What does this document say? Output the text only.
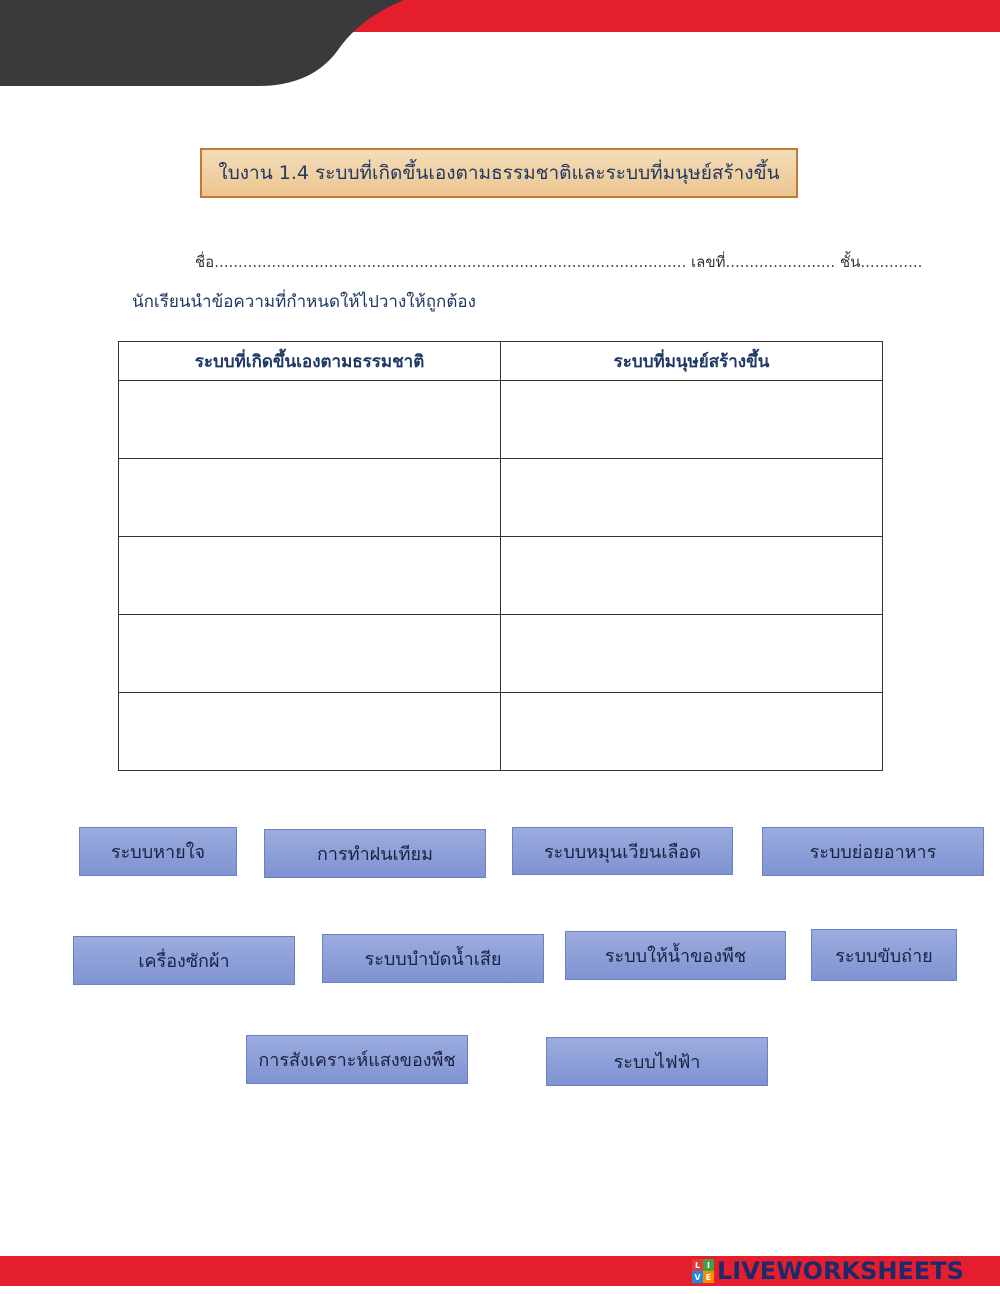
ใบงาน 1.4 ระบบที่เกิดขึ้นเองตามธรรมชาติและระบบที่มนุษย์สร้างขึ้น
ชื่อ................................................................................................... เลขที่....................... ชั้น.............
นักเรียนนำข้อความที่กำหนดให้ไปวางให้ถูกต้อง
ระบบที่เกิดขึ้นเองตามธรรมชาติ	ระบบที่มนุษย์สร้างขึ้น

ระบบหายใจ	การทำฝนเทียม	ระบบหมุนเวียนเลือด	ระบบย่อยอาหาร
เครื่องซักผ้า	ระบบบำบัดน้ำเสีย	ระบบให้น้ำของพืช	ระบบขับถ่าย
การสังเคราะห์แสงของพืช	ระบบไฟฟ้า
L I
V E LIVEWORKSHEETS
